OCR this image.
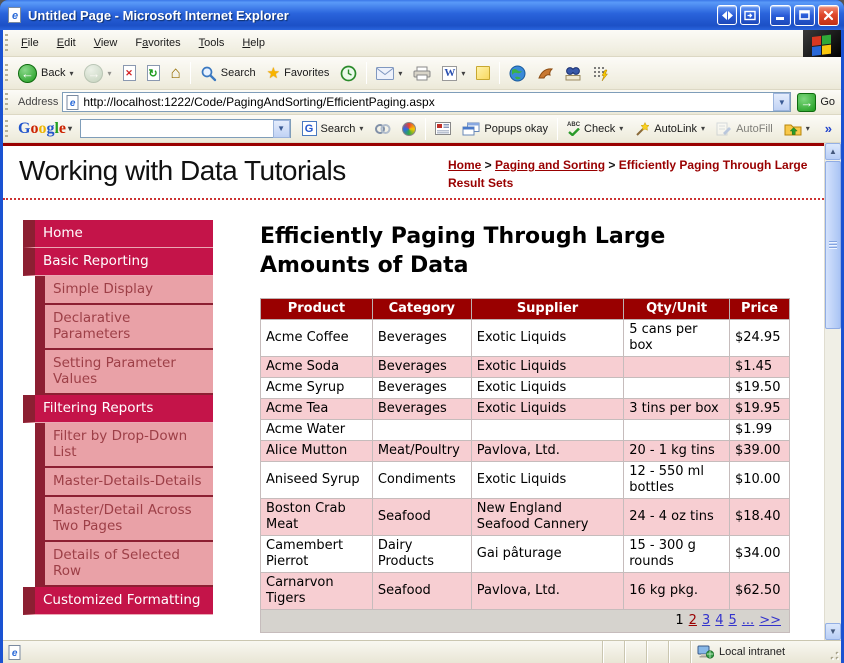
e Untitled Page - Microsoft Internet Explorer
File	Edit	View	Favorites	Tools	Help
← Back ▾ → ▾ ✕ ↻ ⌂	Search ★ Favorites	▾	W ▾
Address e
http://localhost:1222/Code/PagingAndSorting/EfficientPaging.aspx	▼	→ Go
Google ▾	▼	G Search ▾	Popups okay	ABC Check ▾	AutoLink ▾	AutoFill	▾	»
Working with Data Tutorials	Home > Paging and Sorting > Efficiently Paging Through Large Result Sets
Home
Basic Reporting
Simple Display
Declarative Parameters
Setting Parameter Values
Filtering Reports
Filter by Drop-Down List
Master-Details-Details
Master/Detail Across Two Pages
Details of Selected Row
Customized Formatting
Efficiently Paging Through Large Amounts of Data
Product	Category	Supplier	Qty/Unit	Price
Acme Coffee	Beverages	Exotic Liquids	5 cans per box	$24.95
Acme Soda	Beverages	Exotic Liquids		$1.45
Acme Syrup	Beverages	Exotic Liquids		$19.50
Acme Tea	Beverages	Exotic Liquids	3 tins per box	$19.95
Acme Water				$1.99
Alice Mutton	Meat/Poultry	Pavlova, Ltd.	20 - 1 kg tins	$39.00
Aniseed Syrup	Condiments	Exotic Liquids	12 - 550 ml bottles	$10.00
Boston Crab Meat	Seafood	New England Seafood Cannery	24 - 4 oz tins	$18.40
Camembert Pierrot	Dairy Products	Gai pâturage	15 - 300 g rounds	$34.00
Carnarvon Tigers	Seafood	Pavlova, Ltd.	16 kg pkg.	$62.50
1 2 3 4 5 ... >>				
▲
▼
e	Local intranet
